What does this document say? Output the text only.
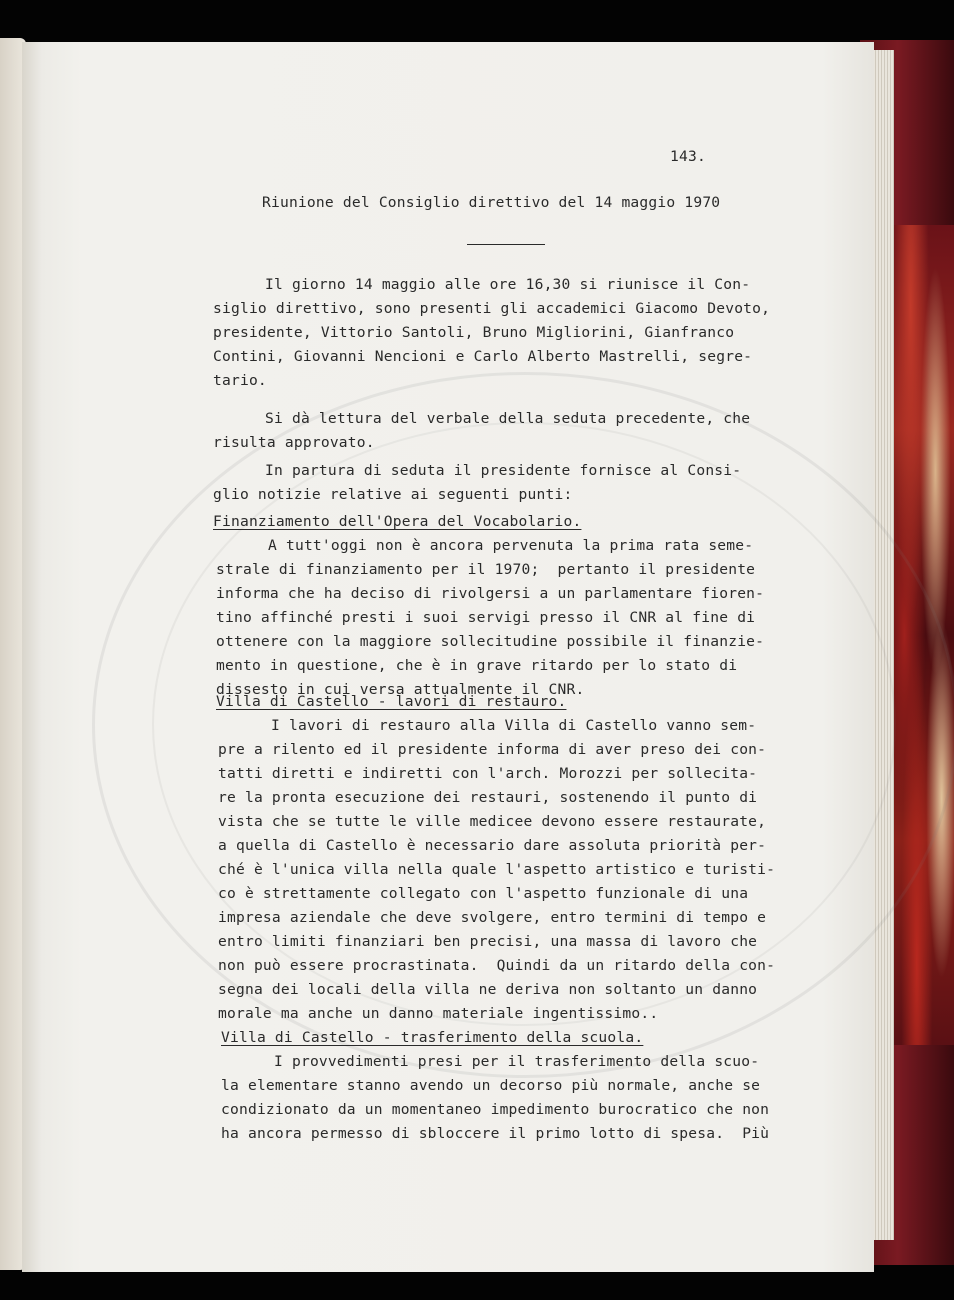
143.
Riunione del Consiglio direttivo del 14 maggio 1970
Il giorno 14 maggio alle ore 16,30 si riunisce il Con-
siglio direttivo, sono presenti gli accademici Giacomo Devoto,
presidente, Vittorio Santoli, Bruno Migliorini, Gianfranco
Contini, Giovanni Nencioni e Carlo Alberto Mastrelli, segre-
tario.
Si dà lettura del verbale della seduta precedente, che
risulta approvato.
In partura di seduta il presidente fornisce al Consi-
glio notizie relative ai seguenti punti:
Finanziamento dell'Opera del Vocabolario.
A tutt'oggi non è ancora pervenuta la prima rata seme-
strale di finanziamento per il 1970;  pertanto il presidente
informa che ha deciso di rivolgersi a un parlamentare fioren-
tino affinché presti i suoi servigi presso il CNR al fine di
ottenere con la maggiore sollecitudine possibile il finanzie-
mento in questione, che è in grave ritardo per lo stato di
dissesto in cui versa attualmente il CNR.
Villa di Castello - lavori di restauro.
I lavori di restauro alla Villa di Castello vanno sem-
pre a rilento ed il presidente informa di aver preso dei con-
tatti diretti e indiretti con l'arch. Morozzi per sollecita-
re la pronta esecuzione dei restauri, sostenendo il punto di
vista che se tutte le ville medicee devono essere restaurate,
a quella di Castello è necessario dare assoluta priorità per-
ché è l'unica villa nella quale l'aspetto artistico e turisti-
co è strettamente collegato con l'aspetto funzionale di una
impresa aziendale che deve svolgere, entro termini di tempo e
entro limiti finanziari ben precisi, una massa di lavoro che
non può essere procrastinata.  Quindi da un ritardo della con-
segna dei locali della villa ne deriva non soltanto un danno
morale ma anche un danno materiale ingentissimo..
Villa di Castello - trasferimento della scuola.
I provvedimenti presi per il trasferimento della scuo-
la elementare stanno avendo un decorso più normale, anche se
condizionato da un momentaneo impedimento burocratico che non
ha ancora permesso di sbloccere il primo lotto di spesa.  Più
